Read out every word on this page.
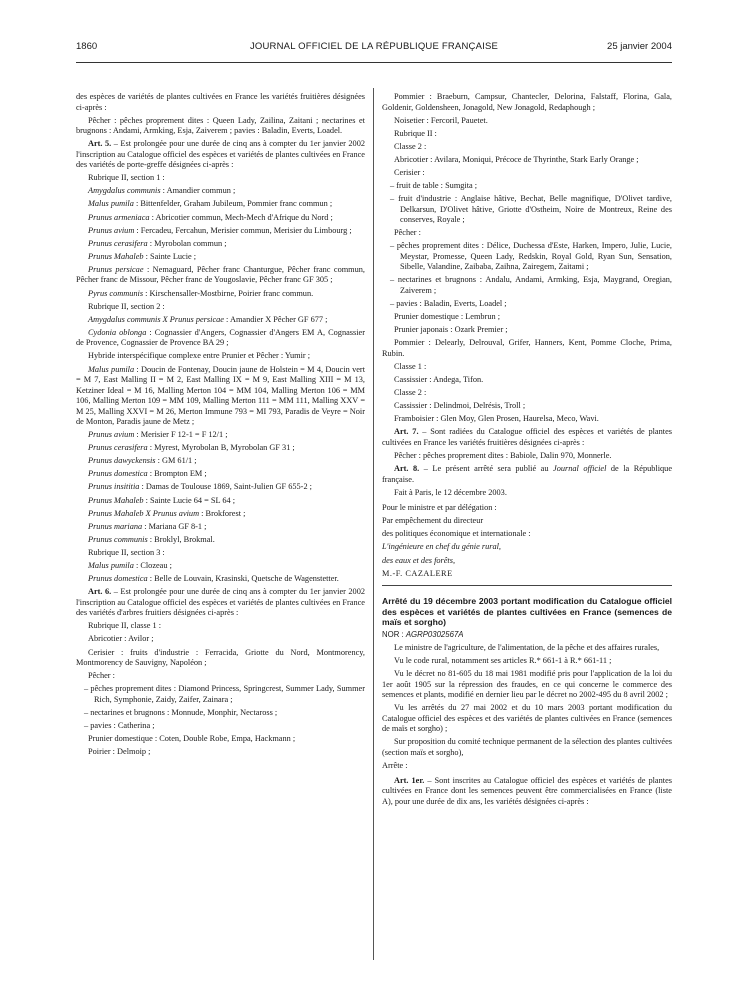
1860	JOURNAL OFFICIEL DE LA RÉPUBLIQUE FRANÇAISE	25 janvier 2004

des espèces de variétés de plantes cultivées en France les variétés fruitières désignées ci-après :

Pêcher : pêches proprement dites : Queen Lady, Zailina, Zaitani ; nectarines et brugnons : Andami, Armking, Esja, Zaiverem ; pavies : Baladin, Everts, Loadel.

Art. 5. – Est prolongée pour une durée de cinq ans à compter du 1er janvier 2002 l'inscription au Catalogue officiel des espèces et variétés de plantes cultivées en France des variétés de porte-greffe désignées ci-après :

Rubrique II, section 1 :

Amygdalus communis : Amandier commun ;

Malus pumila : Bittenfelder, Graham Jubileum, Pommier franc commun ;

Prunus armeniaca : Abricotier commun, Mech-Mech d'Afrique du Nord ;

Prunus avium : Fercadeu, Fercahun, Merisier commun, Merisier du Limbourg ;

Prunus cerasifera : Myrobolan commun ;

Prunus Mahaleb : Sainte Lucie ;

Prunus persicae : Nemaguard, Pêcher franc Chanturgue, Pêcher franc commun, Pêcher franc de Missour, Pêcher franc de Yougoslavie, Pêcher franc GF 305 ;

Pyrus communis : Kirschensaller-Mostbirne, Poirier franc commun.

Rubrique II, section 2 :

Amygdalus communis X Prunus persicae : Amandier X Pêcher GF 677 ;

Cydonia oblonga : Cognassier d'Angers, Cognassier d'Angers EM A, Cognassier de Provence, Cognassier de Provence BA 29 ;

Hybride interspécifique complexe entre Prunier et Pêcher : Yumir ;

Malus pumila : Doucin de Fontenay, Doucin jaune de Holstein = M 4, Doucin vert = M 7, East Malling II = M 2, East Malling IX = M 9, East Malling XIII = M 13, Ketziner Ideal = M 16, Malling Merton 104 = MM 104, Malling Merton 106 = MM 106, Malling Merton 109 = MM 109, Malling Merton 111 = MM 111, Malling XXV = M 25, Malling XXVI = M 26, Merton Immune 793 = MI 793, Paradis de Veyre = Noir de Monton, Paradis jaune de Metz ;

Prunus avium : Merisier F 12-1 = F 12/1 ;

Prunus cerasifera : Myrest, Myrobolan B, Myrobolan GF 31 ;

Prunus dawyckensis : GM 61/1 ;

Prunus domestica : Brompton EM ;

Prunus insititia : Damas de Toulouse 1869, Saint-Julien GF 655-2 ;

Prunus Mahaleb : Sainte Lucie 64 = SL 64 ;

Prunus Mahaleb X Prunus avium : Brokforest ;

Prunus mariana : Mariana GF 8-1 ;

Prunus communis : Broklyl, Brokmal.

Rubrique II, section 3 :

Malus pumila : Clozeau ;

Prunus domestica : Belle de Louvain, Krasinski, Quetsche de Wagenstetter.

Art. 6. – Est prolongée pour une durée de cinq ans à compter du 1er janvier 2002 l'inscription au Catalogue officiel des espèces et variétés de plantes cultivées en France des variétés d'arbres fruitiers désignées ci-après :

Rubrique II, classe 1 :

Abricotier : Avilor ;

Cerisier : fruits d'industrie : Ferracida, Griotte du Nord, Montmorency, Montmorency de Sauvigny, Napoléon ;

Pêcher :

– pêches proprement dites : Diamond Princess, Springcrest, Summer Lady, Summer Rich, Symphonie, Zaidy, Zaifer, Zainara ;

– nectarines et brugnons : Monnude, Monphir, Nectaross ;

– pavies : Catherina ;

Prunier domestique : Coten, Double Robe, Empa, Hackmann ;

Poirier : Delmoip ;

Pommier : Braeburn, Campsur, Chantecler, Delorina, Falstaff, Florina, Gala, Goldenir, Goldensheen, Jonagold, New Jonagold, Redaphough ;

Noisetier : Fercoril, Pauetet.

Rubrique II :

Classe 2 :

Abricotier : Avilara, Moniqui, Précoce de Thyrinthe, Stark Early Orange ;

Cerisier :

– fruit de table : Sumgita ;

– fruit d'industrie : Anglaise hâtive, Bechat, Belle magnifique, D'Olivet tardive, Delkarsun, D'Olivet hâtive, Griotte d'Ostheim, Noire de Montreux, Reine des conserves, Royale ;

Pêcher :

– pêches proprement dites : Délice, Duchessa d'Este, Harken, Impero, Julie, Lucie, Meystar, Promesse, Queen Lady, Redskin, Royal Gold, Ryan Sun, Sensation, Sibelle, Valandine, Zaibaba, Zaihna, Zairegem, Zaitami ;

– nectarines et brugnons : Andalu, Andami, Armking, Esja, Maygrand, Oregian, Zaiverem ;

– pavies : Baladin, Everts, Loadel ;

Prunier domestique : Lembrun ;

Prunier japonais : Ozark Premier ;

Pommier : Delearly, Delrouval, Grifer, Hanners, Kent, Pomme Cloche, Prima, Rubin.

Classe 1 :

Cassissier : Andega, Tifon.

Classe 2 :

Cassissier : Delindmoi, Delrésis, Troll ;

Framboisier : Glen Moy, Glen Prosen, Haurelsa, Meco, Wavi.

Art. 7. – Sont radiées du Catalogue officiel des espèces et variétés de plantes cultivées en France les variétés fruitières désignées ci-après :

Pêcher : pêches proprement dites : Babiole, Dalin 970, Monnerle.

Art. 8. – Le présent arrêté sera publié au Journal officiel de la République française.

Fait à Paris, le 12 décembre 2003.

Pour le ministre et par délégation :

Par empêchement du directeur

des politiques économique et internationale :

L'ingénieure en chef du génie rural,

des eaux et des forêts,

M.-F. CAZALERE

Arrêté du 19 décembre 2003 portant modification du Catalogue officiel des espèces et variétés de plantes cultivées en France (semences de maïs et sorgho)

NOR : AGRP0302567A

Le ministre de l'agriculture, de l'alimentation, de la pêche et des affaires rurales,

Vu le code rural, notamment ses articles R.* 661-1 à R.* 661-11 ;

Vu le décret no 81-605 du 18 mai 1981 modifié pris pour l'application de la loi du 1er août 1905 sur la répression des fraudes, en ce qui concerne le commerce des semences et plants, modifié en dernier lieu par le décret no 2002-495 du 8 avril 2002 ;

Vu les arrêtés du 27 mai 2002 et du 10 mars 2003 portant modification du Catalogue officiel des espèces et des variétés de plantes cultivées en France (semences de maïs et sorgho) ;

Sur proposition du comité technique permanent de la sélection des plantes cultivées (section maïs et sorgho),

Arrête :

Art. 1er. – Sont inscrites au Catalogue officiel des espèces et variétés de plantes cultivées en France dont les semences peuvent être commercialisées en France (liste A), pour une durée de dix ans, les variétés désignées ci-après :
